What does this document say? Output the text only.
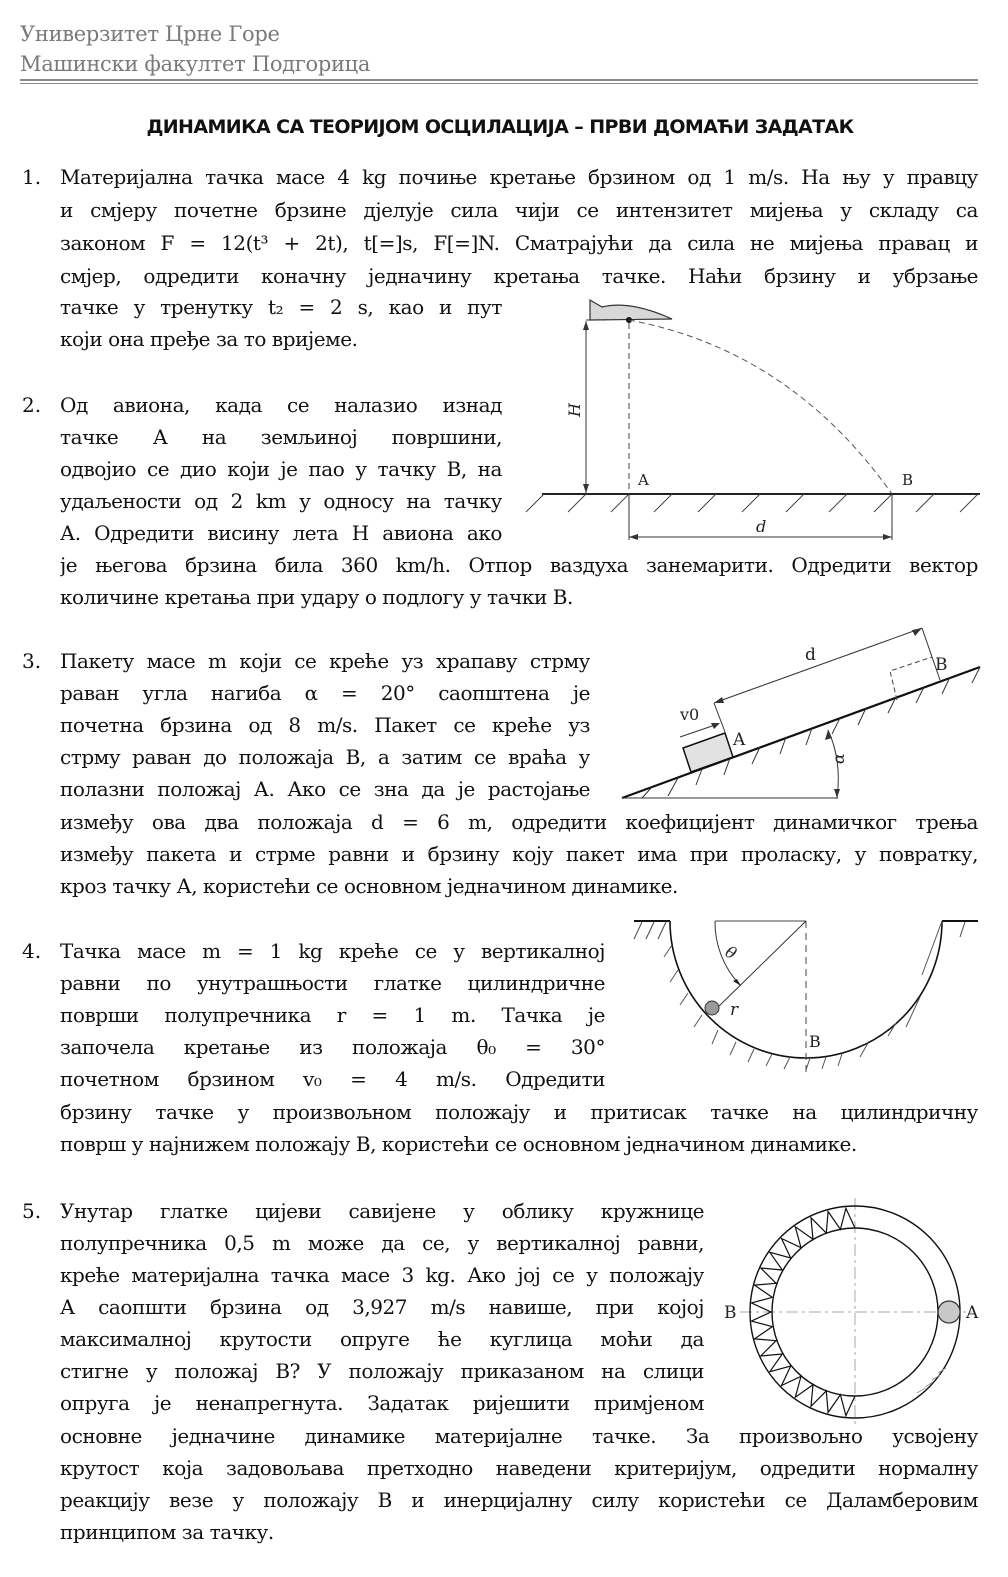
Универзитет Црне Горе
Машински факултет Подгорица
ДИНАМИКА СА ТЕОРИЈОМ ОСЦИЛАЦИЈА – ПРВИ ДОМАЋИ ЗАДАТАК
1. Материјална тачка масе 4 kg почиње кретање брзином од 1 m/s. На њу у правцу
и смјеру почетне брзине дјелује сила чији се интензитет мијења у складу са
законом F = 12(t³ + 2t), t[=]s, F[=]N. Сматрајући да сила не мијења правац и
смјер, одредити коначну једначину кретања тачке. Наћи брзину и убрзање
тачке у тренутку t₂ = 2 s, као и пут
који она пређе за то вријеме.
2. Од авиона, када се налазио изнад
тачке А на земљиној површини,
одвојио се дио који је пао у тачку B, на
удаљености од 2 km у односу на тачку
А. Одредити висину лета H авиона ако
је његова брзина била 360 km/h. Отпор ваздуха занемарити. Одредити вектор
количине кретања при удару о подлогу у тачки B.
H
A	B
d
3. Пакету масе m који се креће уз храпаву стрму
раван угла нагиба α = 20° саопштена је
почетна брзина од 8 m/s. Пакет се креће уз
стрму раван до положаја B, а затим се враћа у
полазни положај А. Ако се зна да је растојање
између ова два положаја d = 6 m, одредити коефицијент динамичког трења
између пакета и стрме равни и брзину коју пакет има при проласку, у повратку,
кроз тачку А, користећи се основном једначином динамике.
d	B
v0
A
α
4. Тачка масе m = 1 kg креће се у вертикалној
равни по унутрашњости глатке цилиндричне
површи полупречника r = 1 m. Тачка је
започела кретање из положаја θ₀ = 30°
почетном брзином v₀ = 4 m/s. Одредити
брзину тачке у произвољном положају и притисак тачке на цилиндричну
површ у најнижем положају B, користећи се основном једначином динамике.
θ
r
B
5. Унутар глатке цијеви савијене у облику кружнице
полупречника 0,5 m може да се, у вертикалној равни,
креће материјална тачка масе 3 kg. Ако јој се у положају
А саопшти брзина од 3,927 m/s навише, при којој
максималној крутости опруге ће куглица моћи да
стигне у положај B? У положају приказаном на слици
опруга је ненапрегнута. Задатак ријешити примјеном
основне једначине динамике материјалне тачке. За произвољно усвојену
крутост која задовољава претходно наведени критеријум, одредити нормалну
реакцију везе у положају B и инерцијалну силу користећи се Даламберовим
принципом за тачку.
B	A
